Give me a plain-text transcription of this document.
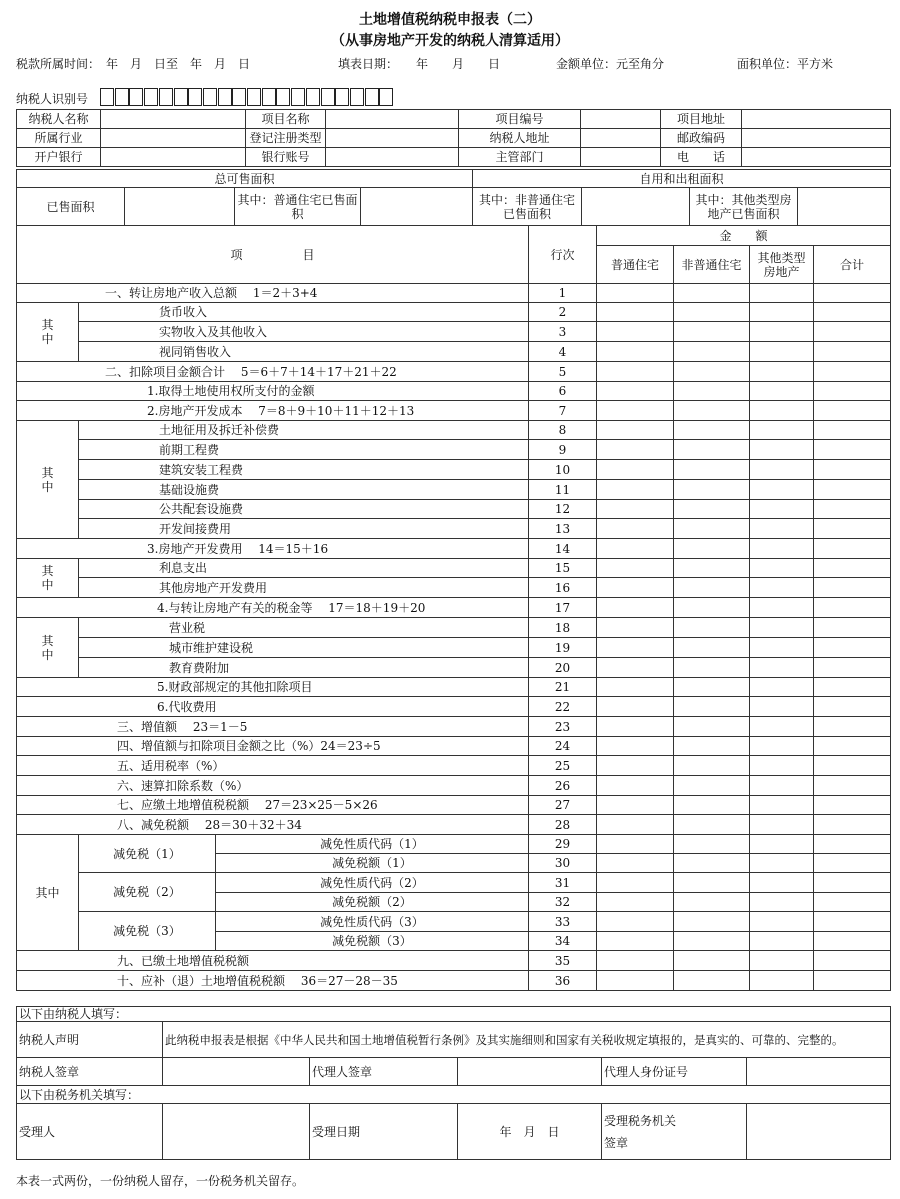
土地增值税纳税申报表（二）
（从事房地产开发的纳税人清算适用）
税款所属时间：　年　月　日至　年　月　日	填表日期：　　年　　月　　日	金额单位：元至角分	面积单位：平方米
纳税人识别号
纳税人名称		项目名称		项目编号		项目地址	
所属行业		登记注册类型		纳税人地址		邮政编码	
开户银行		银行账号		主管部门		电　　话	
总可售面积				自用和出租面积			
已售面积		其中：普通住宅已售面积		其中：非普通住宅已售面积		其中：其他类型房地产已售面积	
项　　　　　目			行次	金　　额			
				普通住宅	非普通住宅	其他类型房地产	合计

一、转让房地产收入总额　 1＝2＋3+4			1				

其
中	货币收入		2				
	实物收入及其他收入		3				
	视同销售收入		4				
二、扣除项目金额合计　 5＝6＋7＋14＋17＋21＋22			5				
1.取得土地使用权所支付的金额			6				
2.房地产开发成本　 7＝8＋9＋10＋11＋12＋13			7				

其
中	土地征用及拆迁补偿费		8				
	前期工程费		9				
	建筑安装工程费		10				
	基础设施费		11				
	公共配套设施费		12				
	开发间接费用		13				
3.房地产开发费用　 14＝15＋16			14				

其
中	利息支出		15				
	其他房地产开发费用		16				
4.与转让房地产有关的税金等　 17＝18＋19＋20			17				

其
中	营业税		18				
	城市维护建设税		19				
	教育费附加		20				
5.财政部规定的其他扣除项目			21				
6.代收费用			22				
三、增值额　 23＝1－5			23				
四、增值额与扣除项目金额之比（%）24＝23÷5			24				
五、适用税率（%）			25				
六、速算扣除系数（%）			26				
七、应缴土地增值税税额　 27＝23×25－5×26			27				
八、减免税额　 28＝30＋32＋34			28				
其中	减免税（1）	减免性质代码（1）	29				
		减免税额（1）	30				
	减免税（2）	减免性质代码（2）	31				
		减免税额（2）	32				
	减免税（3）	减免性质代码（3）	33				
		减免税额（3）	34				
九、已缴土地增值税税额			35				
十、应补（退）土地增值税税额　 36＝27－28－35			36				
以下由纳税人填写：					
纳税人声明	此纳税申报表是根据《中华人民共和国土地增值税暂行条例》及其实施细则和国家有关税收规定填报的，是真实的、可靠的、完整的。				
纳税人签章		代理人签章		代理人身份证号	
以下由税务机关填写：					
受理人		受理日期	年　月　日	受理税务机关
签章	

本表一式两份，一份纳税人留存，一份税务机关留存。
